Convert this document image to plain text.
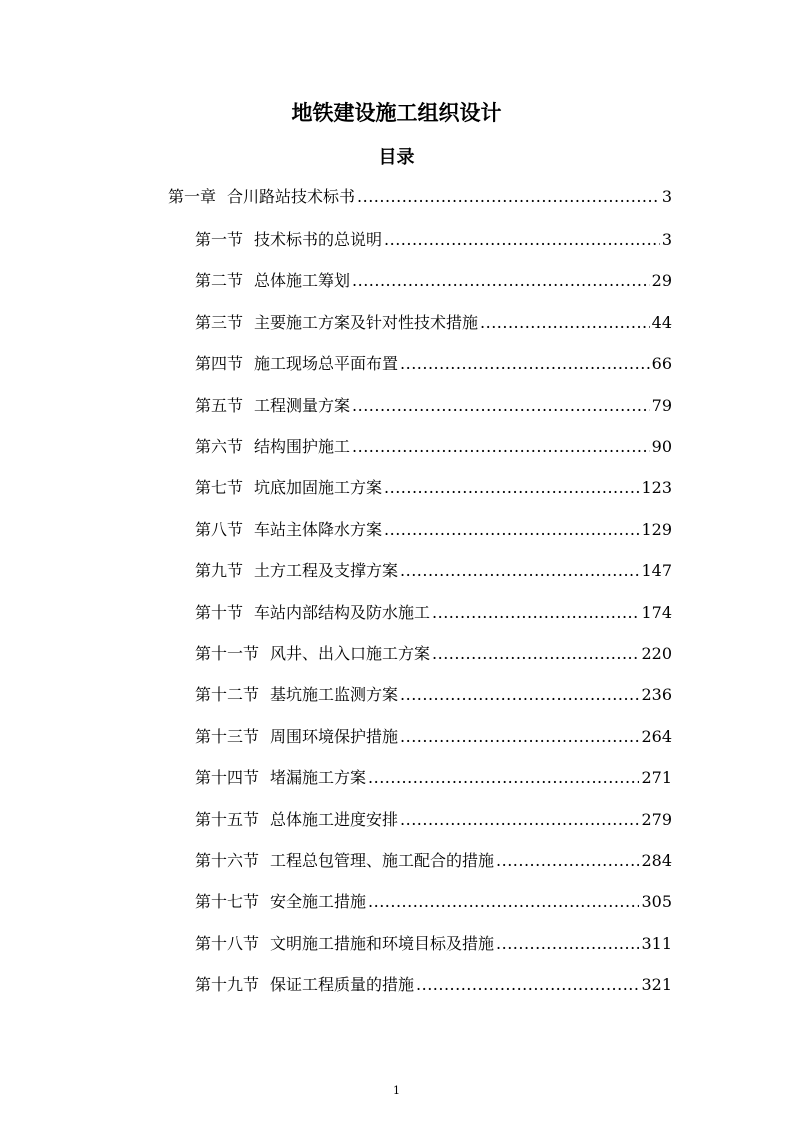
地铁建设施工组织设计
目录
第一章 合川路站技术标书 .....	3
第一节 技术标书的总说明 .....	3
第二节 总体施工筹划 .....	29
第三节 主要施工方案及针对性技术措施 .....	44
第四节 施工现场总平面布置 .....	66
第五节 工程测量方案 .....	79
第六节 结构围护施工 .....	90
第七节 坑底加固施工方案 .....	123
第八节 车站主体降水方案 .....	129
第九节 土方工程及支撑方案 .....	147
第十节 车站内部结构及防水施工 .....	174
第十一节 风井、出入口施工方案 .....	220
第十二节 基坑施工监测方案 .....	236
第十三节 周围环境保护措施 .....	264
第十四节 堵漏施工方案 .....	271
第十五节 总体施工进度安排 .....	279
第十六节 工程总包管理、施工配合的措施 .....	284
第十七节 安全施工措施 .....	305
第十八节 文明施工措施和环境目标及措施 .....	311
第十九节 保证工程质量的措施 .....	321
1
